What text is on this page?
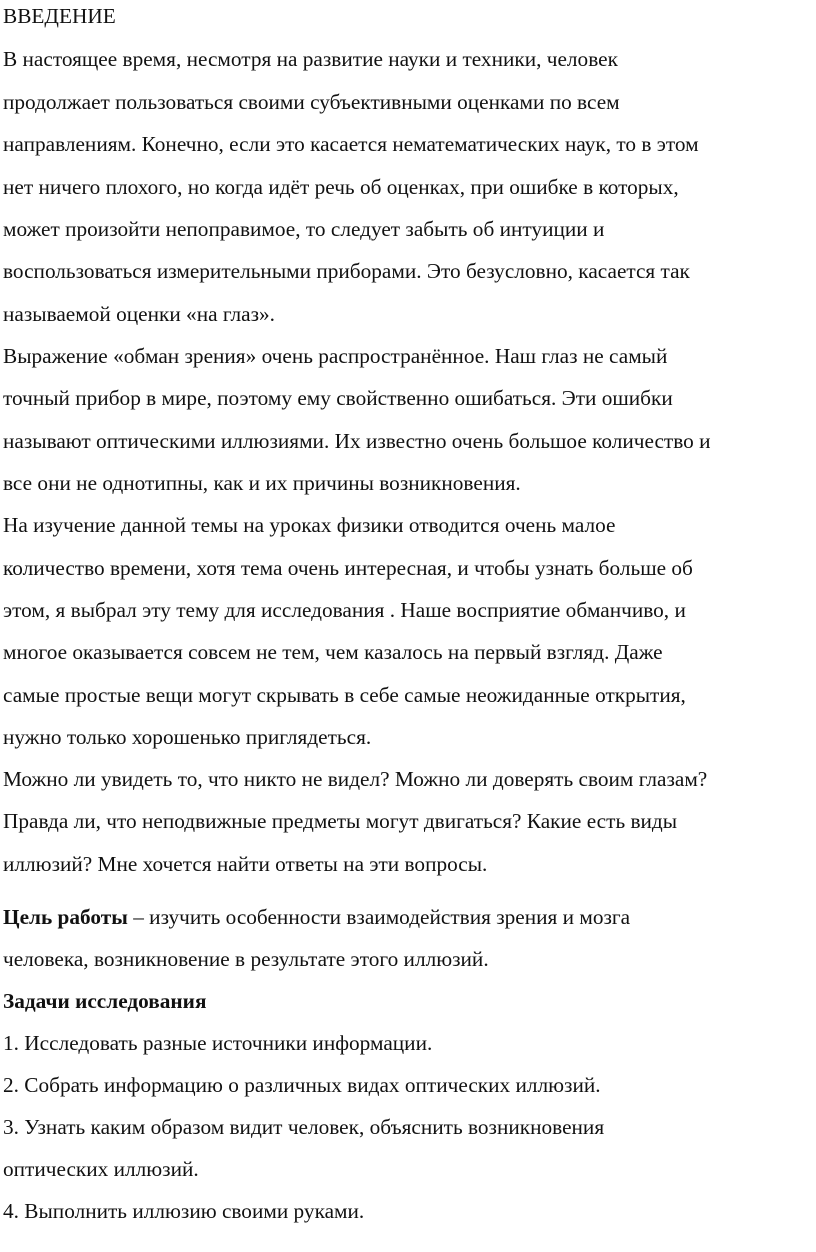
ВВЕДЕНИЕ
В настоящее время, несмотря на развитие науки и техники, человек
продолжает пользоваться своими субъективными оценками по всем
направлениям. Конечно, если это касается нематематических наук, то в этом
нет ничего плохого, но когда идёт речь об оценках, при ошибке в которых,
может произойти непоправимое, то следует забыть об интуиции и
воспользоваться измерительными приборами. Это безусловно, касается так
называемой оценки «на глаз».
Выражение «обман зрения» очень распространённое. Наш глаз не самый
точный прибор в мире, поэтому ему свойственно ошибаться. Эти ошибки
называют оптическими иллюзиями. Их известно очень большое количество и
все они не однотипны, как и их причины возникновения.
На изучение данной темы на уроках физики отводится очень малое
количество времени, хотя тема очень интересная, и чтобы узнать больше об
этом, я выбрал эту тему для исследования . Наше восприятие обманчиво, и
многое оказывается совсем не тем, чем казалось на первый взгляд. Даже
самые простые вещи могут скрывать в себе самые неожиданные открытия,
нужно только хорошенько приглядеться.
Можно ли увидеть то, что никто не видел? Можно ли доверять своим глазам?
Правда ли, что неподвижные предметы могут двигаться? Какие есть виды
иллюзий? Мне хочется найти ответы на эти вопросы.
Цель работы – изучить особенности взаимодействия зрения и мозга
человека, возникновение в результате этого иллюзий.
Задачи исследования
1. Исследовать разные источники информации.
2. Собрать информацию о различных видах оптических иллюзий.
3. Узнать каким образом видит человек, объяснить возникновения
оптических иллюзий.
4. Выполнить иллюзию своими руками.
